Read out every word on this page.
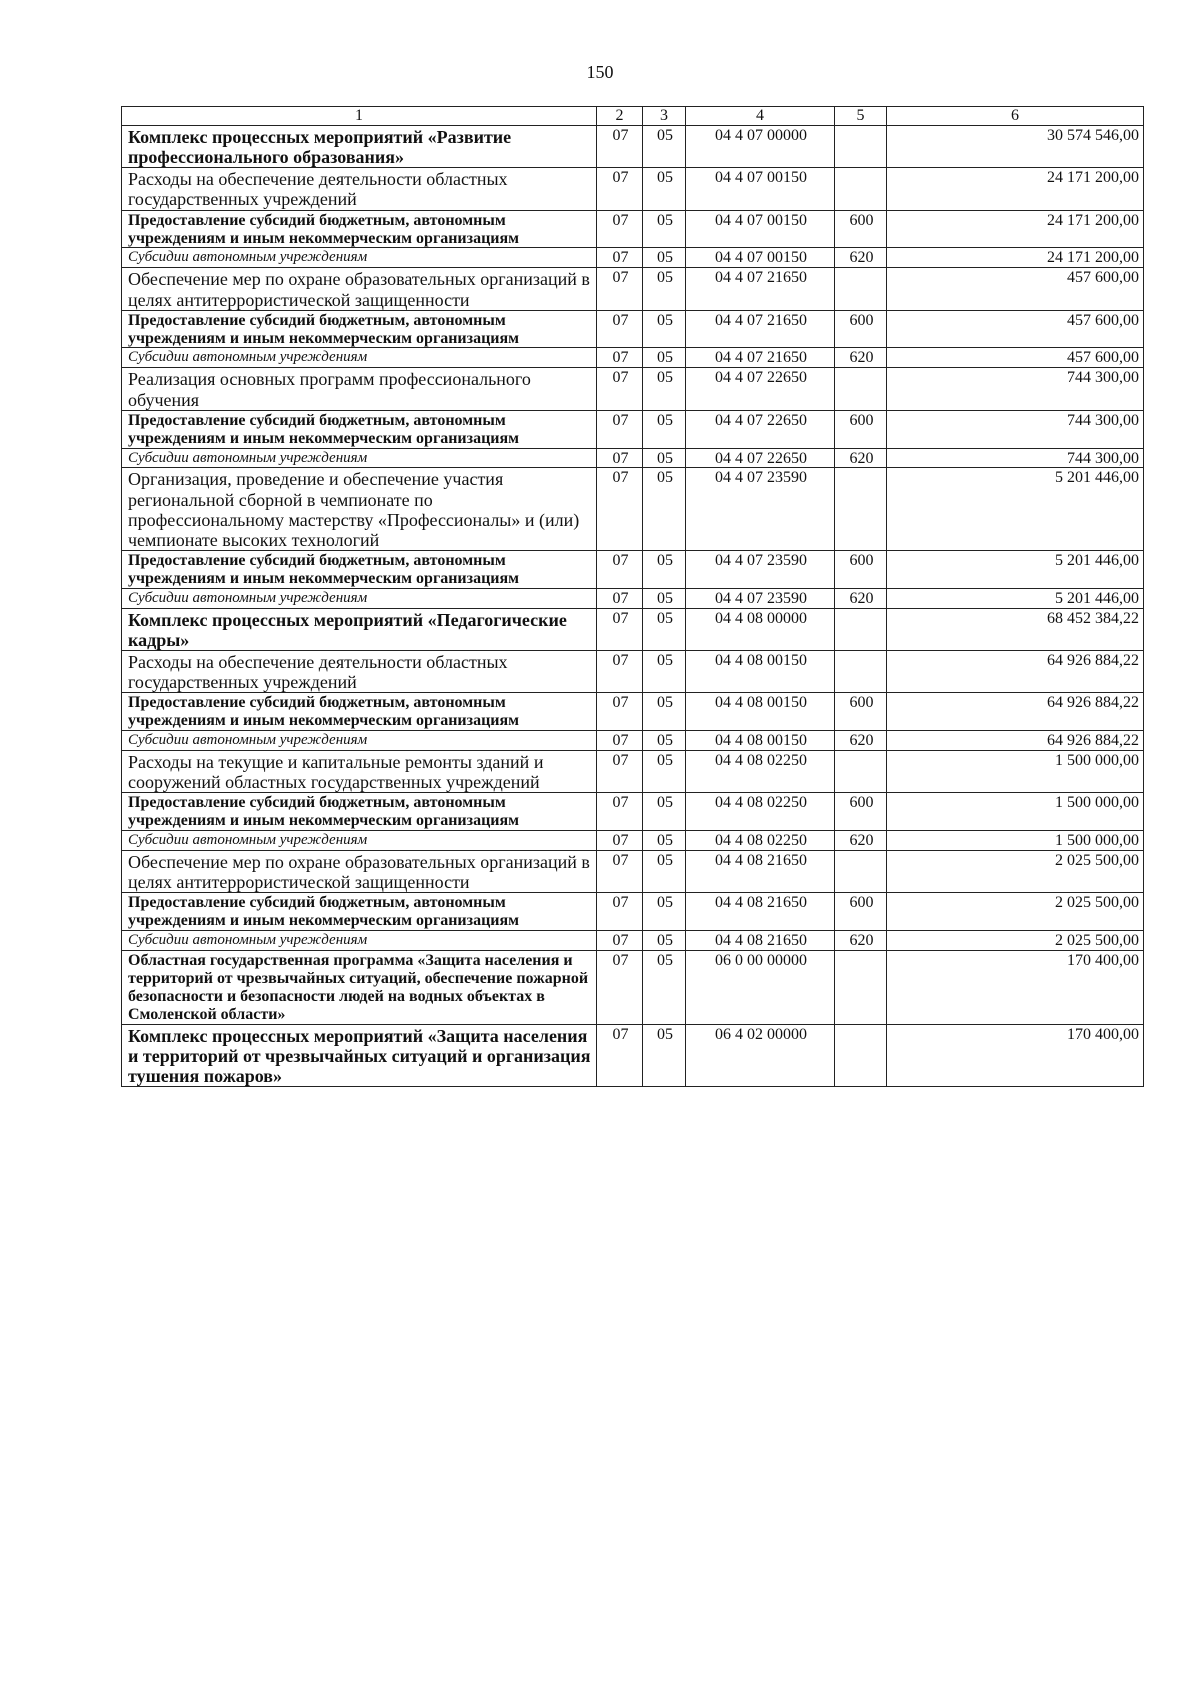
150
1	2	3	4	5	6
Комплекс процессных мероприятий «Развитие профессионального образования»	07	05	04 4 07 00000		30 574 546,00
Расходы на обеспечение деятельности областных государственных учреждений	07	05	04 4 07 00150		24 171 200,00
Предоставление субсидий бюджетным, автономным учреждениям и иным некоммерческим организациям	07	05	04 4 07 00150	600	24 171 200,00
Субсидии автономным учреждениям	07	05	04 4 07 00150	620	24 171 200,00
Обеспечение мер по охране образовательных организаций в целях антитеррористической защищенности	07	05	04 4 07 21650		457 600,00
Предоставление субсидий бюджетным, автономным учреждениям и иным некоммерческим организациям	07	05	04 4 07 21650	600	457 600,00
Субсидии автономным учреждениям	07	05	04 4 07 21650	620	457 600,00
Реализация основных программ профессионального обучения	07	05	04 4 07 22650		744 300,00
Предоставление субсидий бюджетным, автономным учреждениям и иным некоммерческим организациям	07	05	04 4 07 22650	600	744 300,00
Субсидии автономным учреждениям	07	05	04 4 07 22650	620	744 300,00
Организация, проведение и обеспечение участия региональной сборной в чемпионате по профессиональному мастерству «Профессионалы» и (или) чемпионате высоких технологий	07	05	04 4 07 23590		5 201 446,00
Предоставление субсидий бюджетным, автономным учреждениям и иным некоммерческим организациям	07	05	04 4 07 23590	600	5 201 446,00
Субсидии автономным учреждениям	07	05	04 4 07 23590	620	5 201 446,00
Комплекс процессных мероприятий «Педагогические кадры»	07	05	04 4 08 00000		68 452 384,22
Расходы на обеспечение деятельности областных государственных учреждений	07	05	04 4 08 00150		64 926 884,22
Предоставление субсидий бюджетным, автономным учреждениям и иным некоммерческим организациям	07	05	04 4 08 00150	600	64 926 884,22
Субсидии автономным учреждениям	07	05	04 4 08 00150	620	64 926 884,22
Расходы на текущие и капитальные ремонты зданий и сооружений областных государственных учреждений	07	05	04 4 08 02250		1 500 000,00
Предоставление субсидий бюджетным, автономным учреждениям и иным некоммерческим организациям	07	05	04 4 08 02250	600	1 500 000,00
Субсидии автономным учреждениям	07	05	04 4 08 02250	620	1 500 000,00
Обеспечение мер по охране образовательных организаций в целях антитеррористической защищенности	07	05	04 4 08 21650		2 025 500,00
Предоставление субсидий бюджетным, автономным учреждениям и иным некоммерческим организациям	07	05	04 4 08 21650	600	2 025 500,00
Субсидии автономным учреждениям	07	05	04 4 08 21650	620	2 025 500,00
Областная государственная программа «Защита населения и территорий от чрезвычайных ситуаций, обеспечение пожарной безопасности и безопасности людей на водных объектах в Смоленской области»	07	05	06 0 00 00000		170 400,00
Комплекс процессных мероприятий «Защита населения и территорий от чрезвычайных ситуаций и организация тушения пожаров»	07	05	06 4 02 00000		170 400,00
